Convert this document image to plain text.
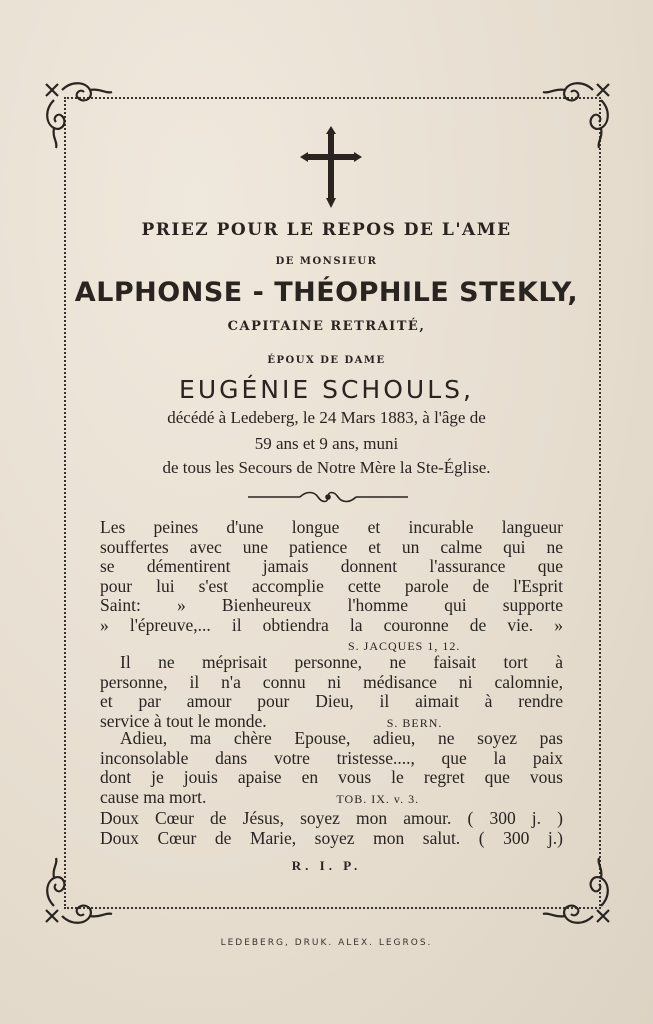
PRIEZ POUR LE REPOS DE L'AME
DE MONSIEUR
ALPHONSE - THÉOPHILE STEKLY,
CAPITAINE RETRAITÉ,
ÉPOUX DE DAME
EUGÉNIE SCHOULS,
décédé à Ledeberg, le 24 Mars 1883, à l'âge de
59 ans et 9 ans, muni
de tous les Secours de Notre Mère la Ste-Église.
Les peines d'une longue et incurable langueur
souffertes avec une patience et un calme qui ne
se démentirent jamais donnent l'assurance que
pour lui s'est accomplie cette parole de l'Esprit
Saint: » Bienheureux l'homme qui supporte
» l'épreuve,... il obtiendra la couronne de vie. »
S. JACQUES 1, 12.
Il ne méprisait personne, ne faisait tort à
personne, il n'a connu ni médisance ni calomnie,
et par amour pour Dieu, il aimait à rendre
service à tout le monde.	S. BERN.
Adieu, ma chère Epouse, adieu, ne soyez pas
inconsolable dans votre tristesse...., que la paix
dont je jouis apaise en vous le regret que vous
cause ma mort.	TOB. IX. v. 3.
Doux Cœur de Jésus, soyez mon amour. ( 300 j. )
Doux Cœur de Marie, soyez mon salut. ( 300 j.)
R. I. P.
LEDEBERG, DRUK. ALEX. LEGROS.
